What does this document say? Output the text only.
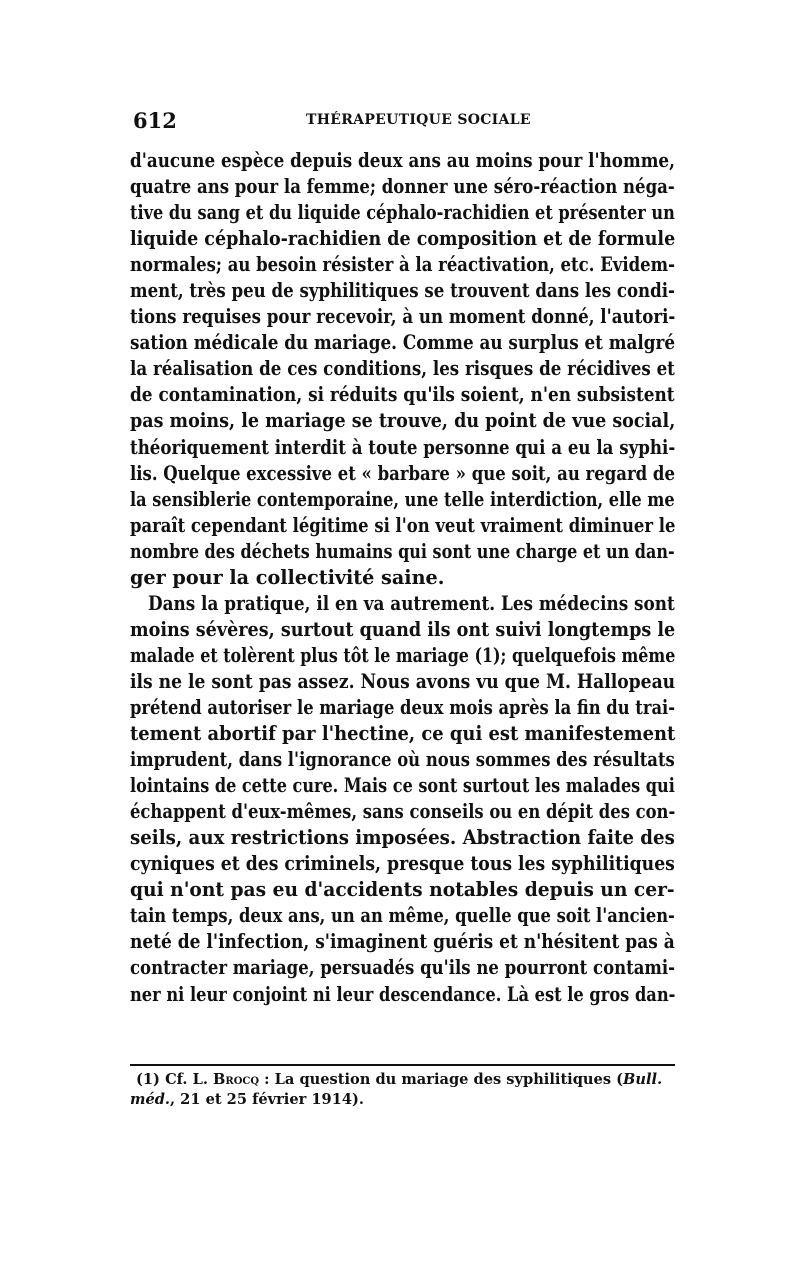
612	THÉRAPEUTIQUE SOCIALE
d'aucune espèce depuis deux ans au moins pour l'homme,
quatre ans pour la femme; donner une séro-réaction néga-
tive du sang et du liquide céphalo-rachidien et présenter un
liquide céphalo-rachidien de composition et de formule
normales; au besoin résister à la réactivation, etc. Evidem-
ment, très peu de syphilitiques se trouvent dans les condi-
tions requises pour recevoir, à un moment donné, l'autori-
sation médicale du mariage. Comme au surplus et malgré
la réalisation de ces conditions, les risques de récidives et
de contamination, si réduits qu'ils soient, n'en subsistent
pas moins, le mariage se trouve, du point de vue social,
théoriquement interdit à toute personne qui a eu la syphi-
lis. Quelque excessive et « barbare » que soit, au regard de
la sensiblerie contemporaine, une telle interdiction, elle me
paraît cependant légitime si l'on veut vraiment diminuer le
nombre des déchets humains qui sont une charge et un dan-
ger pour la collectivité saine.
Dans la pratique, il en va autrement. Les médecins sont
moins sévères, surtout quand ils ont suivi longtemps le
malade et tolèrent plus tôt le mariage (1); quelquefois même
ils ne le sont pas assez. Nous avons vu que M. Hallopeau
prétend autoriser le mariage deux mois après la fin du trai-
tement abortif par l'hectine, ce qui est manifestement
imprudent, dans l'ignorance où nous sommes des résultats
lointains de cette cure. Mais ce sont surtout les malades qui
échappent d'eux-mêmes, sans conseils ou en dépit des con-
seils, aux restrictions imposées. Abstraction faite des
cyniques et des criminels, presque tous les syphilitiques
qui n'ont pas eu d'accidents notables depuis un cer-
tain temps, deux ans, un an même, quelle que soit l'ancien-
neté de l'infection, s'imaginent guéris et n'hésitent pas à
contracter mariage, persuadés qu'ils ne pourront contami-
ner ni leur conjoint ni leur descendance. Là est le gros dan-
(1) Cf. L. Brocq : La question du mariage des syphilitiques (Bull.
méd., 21 et 25 février 1914).
